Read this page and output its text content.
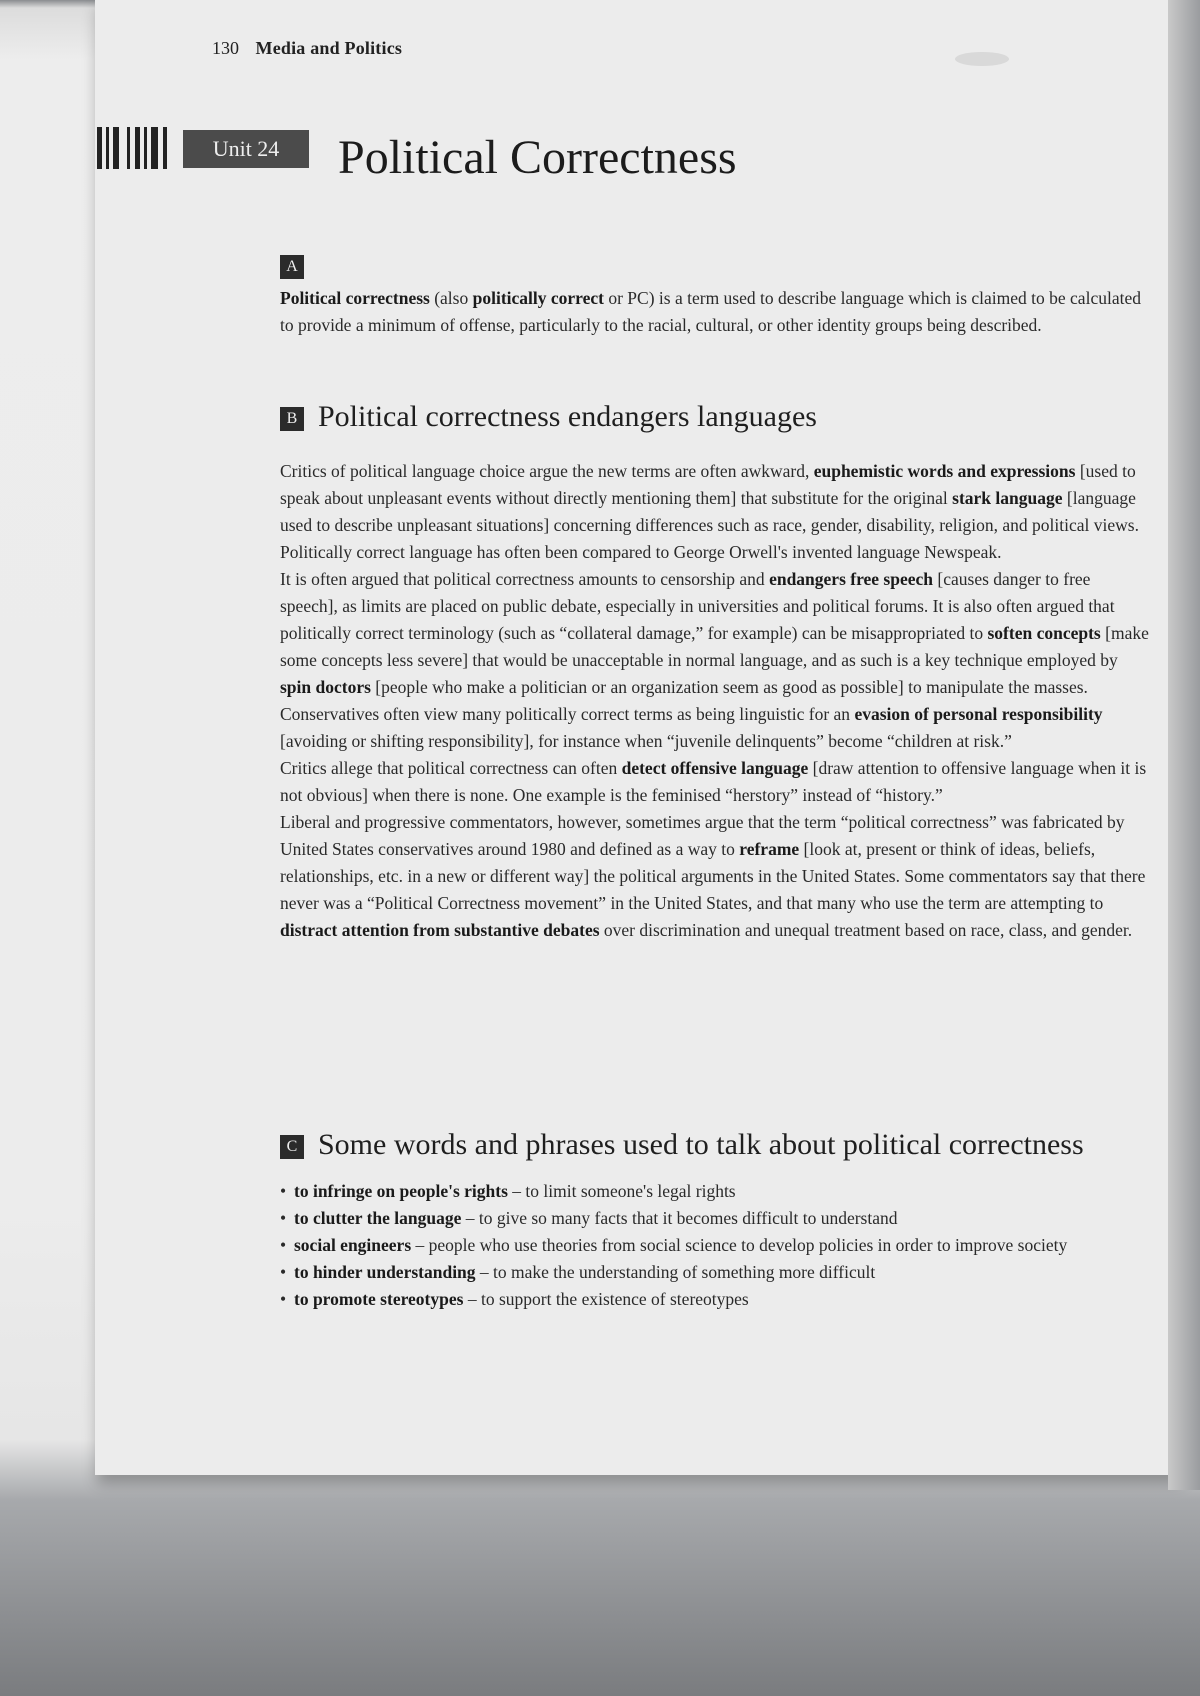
130 Media and Politics
Unit 24	Political Correctness
A

Political correctness (also politically correct or PC) is a term used to describe language which is claimed to be calculated to provide a minimum of offense, particularly to the racial, cultural, or other identity groups being described.

B Political correctness endangers languages

Critics of political language choice argue the new terms are often awkward, euphemistic words and expressions [used to speak about unpleasant events without directly mentioning them] that substitute for the original stark language [language used to describe unpleasant situations] concerning differences such as race, gender, disability, religion, and political views. Politically correct language has often been compared to George Orwell's invented language Newspeak.

It is often argued that political correctness amounts to censorship and endangers free speech [causes danger to free speech], as limits are placed on public debate, especially in universities and political forums. It is also often argued that politically correct terminology (such as “collateral damage,” for example) can be misappropriated to soften concepts [make some concepts less severe] that would be unacceptable in normal language, and as such is a key technique employed by spin doctors [people who make a politician or an organization seem as good as possible] to manipulate the masses.

Conservatives often view many politically correct terms as being linguistic for an evasion of personal responsibility [avoiding or shifting responsibility], for instance when “juvenile delinquents” become “children at risk.”

Critics allege that political correctness can often detect offensive language [draw attention to offensive language when it is not obvious] when there is none. One example is the feminised “herstory” instead of “history.”

Liberal and progressive commentators, however, sometimes argue that the term “political correctness” was fabricated by United States conservatives around 1980 and defined as a way to reframe [look at, present or think of ideas, beliefs, relationships, etc. in a new or different way] the political arguments in the United States. Some commentators say that there never was a “Political Correctness movement” in the United States, and that many who use the term are attempting to distract attention from substantive debates over discrimination and unequal treatment based on race, class, and gender.

C Some words and phrases used to talk about political correctness
• to infringe on people's rights – to limit someone's legal rights
• to clutter the language – to give so many facts that it becomes difficult to understand
• social engineers – people who use theories from social science to develop policies in order to improve society
• to hinder understanding – to make the understanding of something more difficult
• to promote stereotypes – to support the existence of stereotypes
